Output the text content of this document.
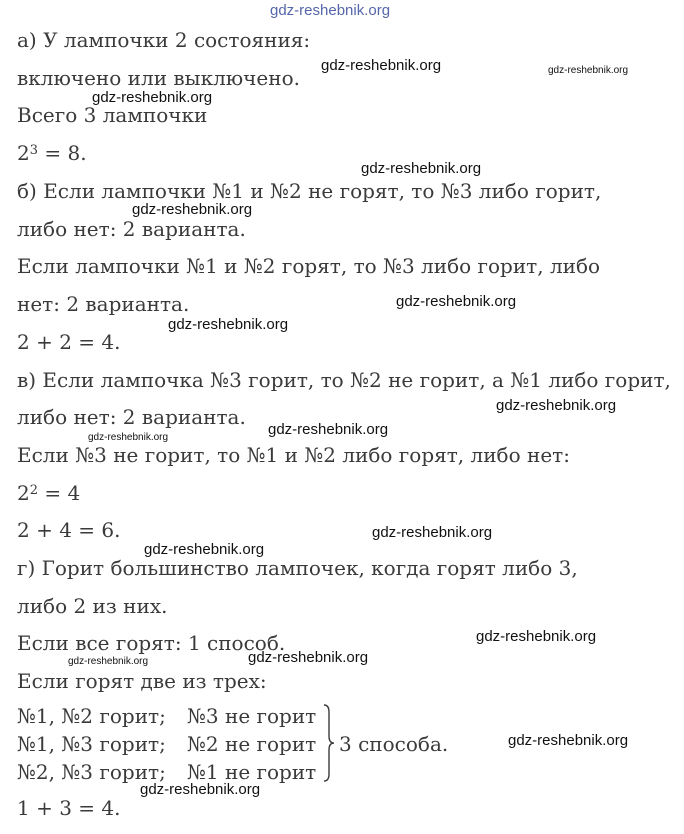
а) У лампочки 2 состояния:
включено или выключено.
Всего 3 лампочки
$2^3 = 8$.
б) Если лампочки №1 и №2 не горят, то №3 либо горит,
либо нет: 2 варианта.
Если лампочки №1 и №2 горят, то №3 либо горит, либо
нет: 2 варианта.
2 + 2 = 4.
в) Если лампочка №3 горит, то №2 не горит, а №1 либо горит,
либо нет: 2 варианта.
Если №3 не горит, то №1 и №2 либо горят, либо нет:
$2^2 = 4$
2 + 4 = 6.
г) Горит большинство лампочек, когда горят либо 3,
либо 2 из них.
Если все горят: 1 способ.
Если горят две из трех:
№1, №2 горит; №3 не горит
№1, №3 горит; №2 не горит
№2, №3 горит; №1 не горит
3 способа.
1 + 3 = 4.
gdz-reshebnik.org
gdz-reshebnik.org	gdz-reshebnik.org
gdz-reshebnik.org
gdz-reshebnik.org
gdz-reshebnik.org
gdz-reshebnik.org
gdz-reshebnik.org
gdz-reshebnik.org
gdz-reshebnik.org
gdz-reshebnik.org
gdz-reshebnik.org
gdz-reshebnik.org
gdz-reshebnik.org
gdz-reshebnik.org
gdz-reshebnik.org
gdz-reshebnik.org
gdz-reshebnik.org
